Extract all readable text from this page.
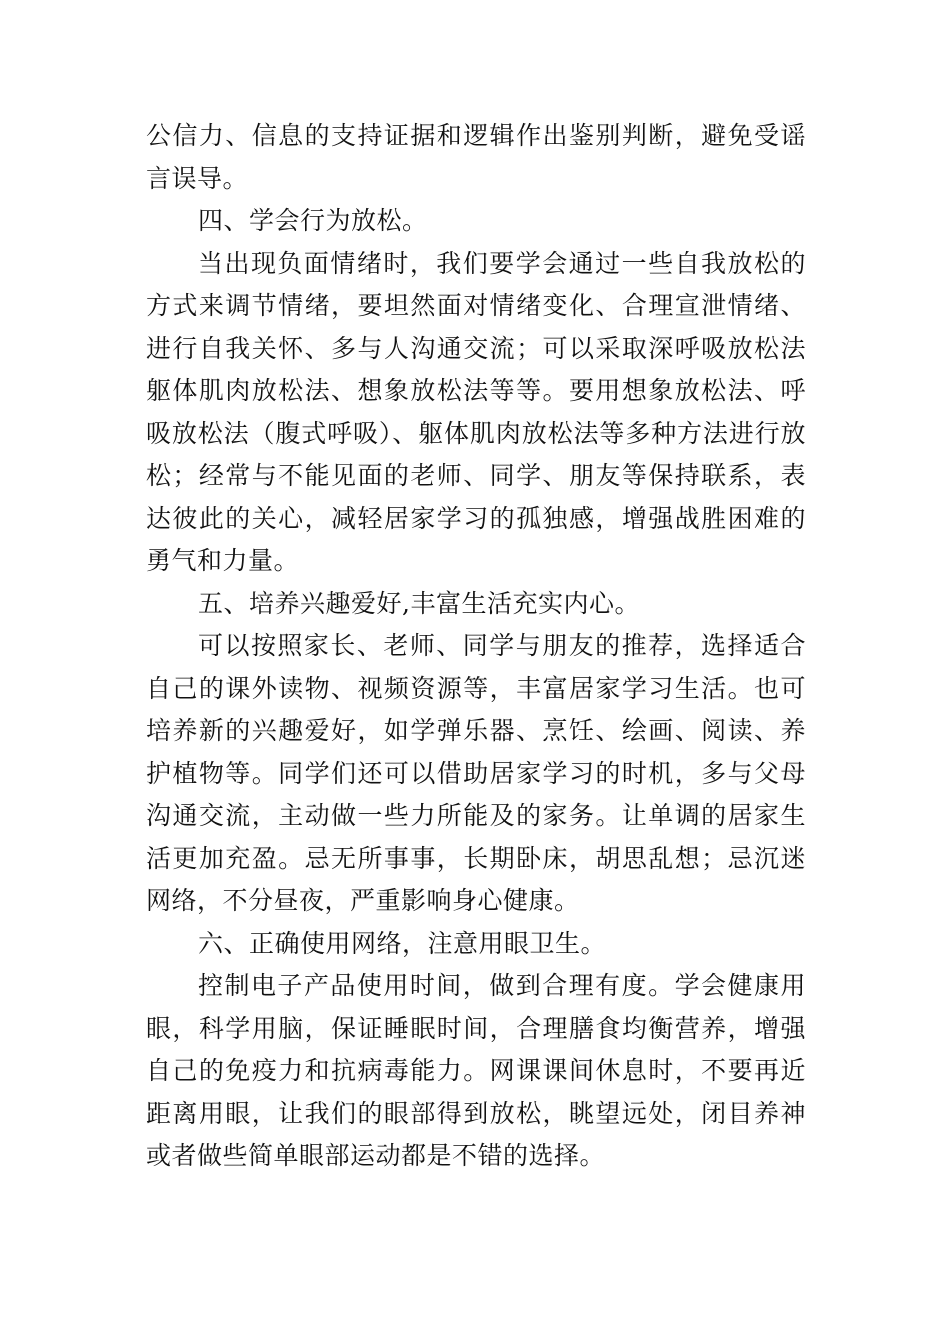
公信力、信息的支持证据和逻辑作出鉴别判断，避免受谣言误导。

四、学会行为放松。

当出现负面情绪时，我们要学会通过一些自我放松的方式来调节情绪，要坦然面对情绪变化、合理宣泄情绪、进行自我关怀、多与人沟通交流；可以采取深呼吸放松法躯体肌肉放松法、想象放松法等等。要用想象放松法、呼吸放松法（腹式呼吸）、躯体肌肉放松法等多种方法进行放松；经常与不能见面的老师、同学、朋友等保持联系，表达彼此的关心，减轻居家学习的孤独感，增强战胜困难的勇气和力量。

五、培养兴趣爱好,丰富生活充实内心。

可以按照家长、老师、同学与朋友的推荐，选择适合自己的课外读物、视频资源等，丰富居家学习生活。也可培养新的兴趣爱好，如学弹乐器、烹饪、绘画、阅读、养护植物等。同学们还可以借助居家学习的时机，多与父母沟通交流，主动做一些力所能及的家务。让单调的居家生活更加充盈。忌无所事事，长期卧床，胡思乱想；忌沉迷网络，不分昼夜，严重影响身心健康。

六、正确使用网络，注意用眼卫生。

控制电子产品使用时间，做到合理有度。学会健康用眼，科学用脑，保证睡眠时间，合理膳食均衡营养，增强自己的免疫力和抗病毒能力。网课课间休息时，不要再近距离用眼，让我们的眼部得到放松，眺望远处，闭目养神或者做些简单眼部运动都是不错的选择。
